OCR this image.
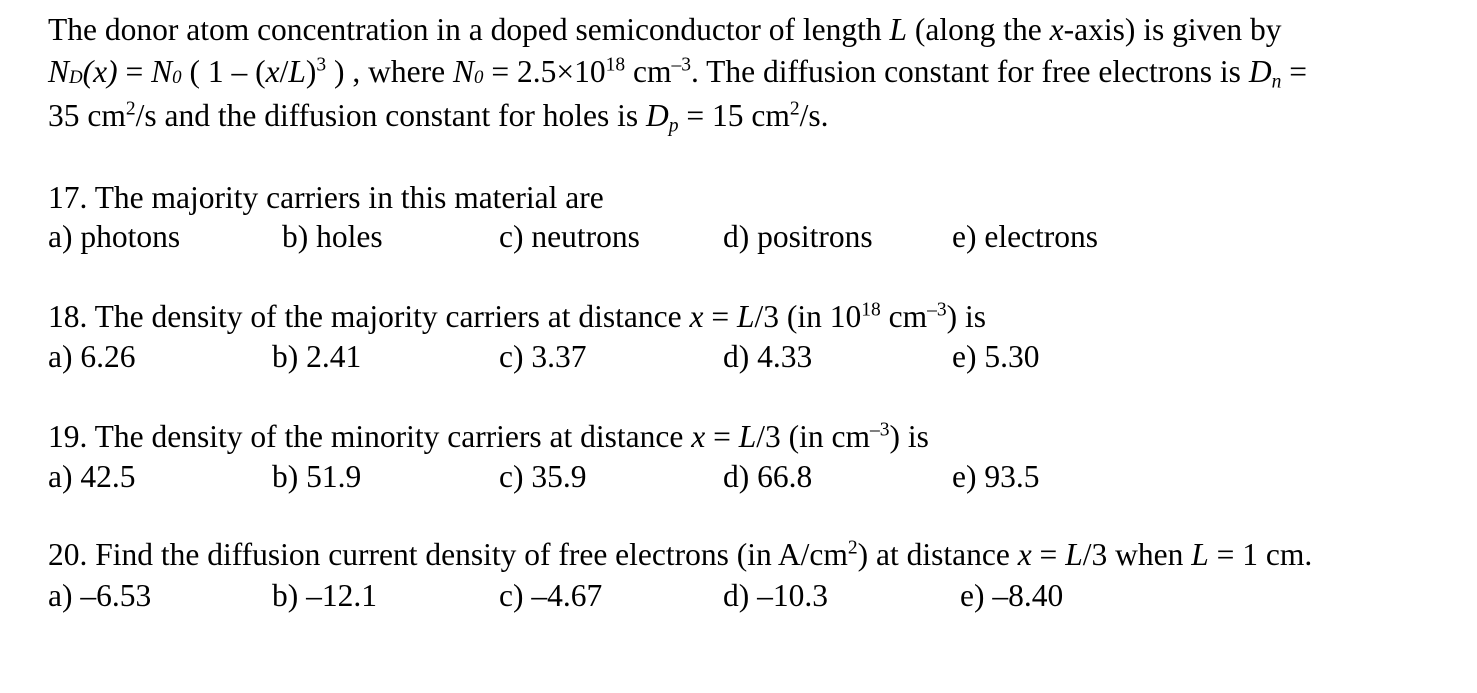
The donor atom concentration in a doped semiconductor of length L (along the x-axis) is given by
ND(x) = N0 ( $1 - (x/L)^3$ ) , where $N0 = 2.5\times 10^{18}$ $cm^{-3}$. The diffusion constant for free electrons is $D_n$ =
35 $cm^2/s$ and the diffusion constant for holes is $D_p = 15$ $cm^2/s$.
17. The majority carriers in this material are
a) photons	b) holes	c) neutrons	d) positrons	e) electrons
18. The density of the majority carriers at distance x = L/3 (in $10^{18}$ $cm^{-3}$) is
a) 6.26	b) 2.41	c) 3.37	d) 4.33	e) 5.30
19. The density of the minority carriers at distance x = L/3 (in $cm^{-3}$) is
a) 42.5	b) 51.9	c) 35.9	d) 66.8	e) 93.5
20. Find the diffusion current density of free electrons (in $A/cm^2$) at distance x = L/3 when L = 1 cm.
a) –6.53	b) –12.1	c) –4.67	d) –10.3	e) –8.40
